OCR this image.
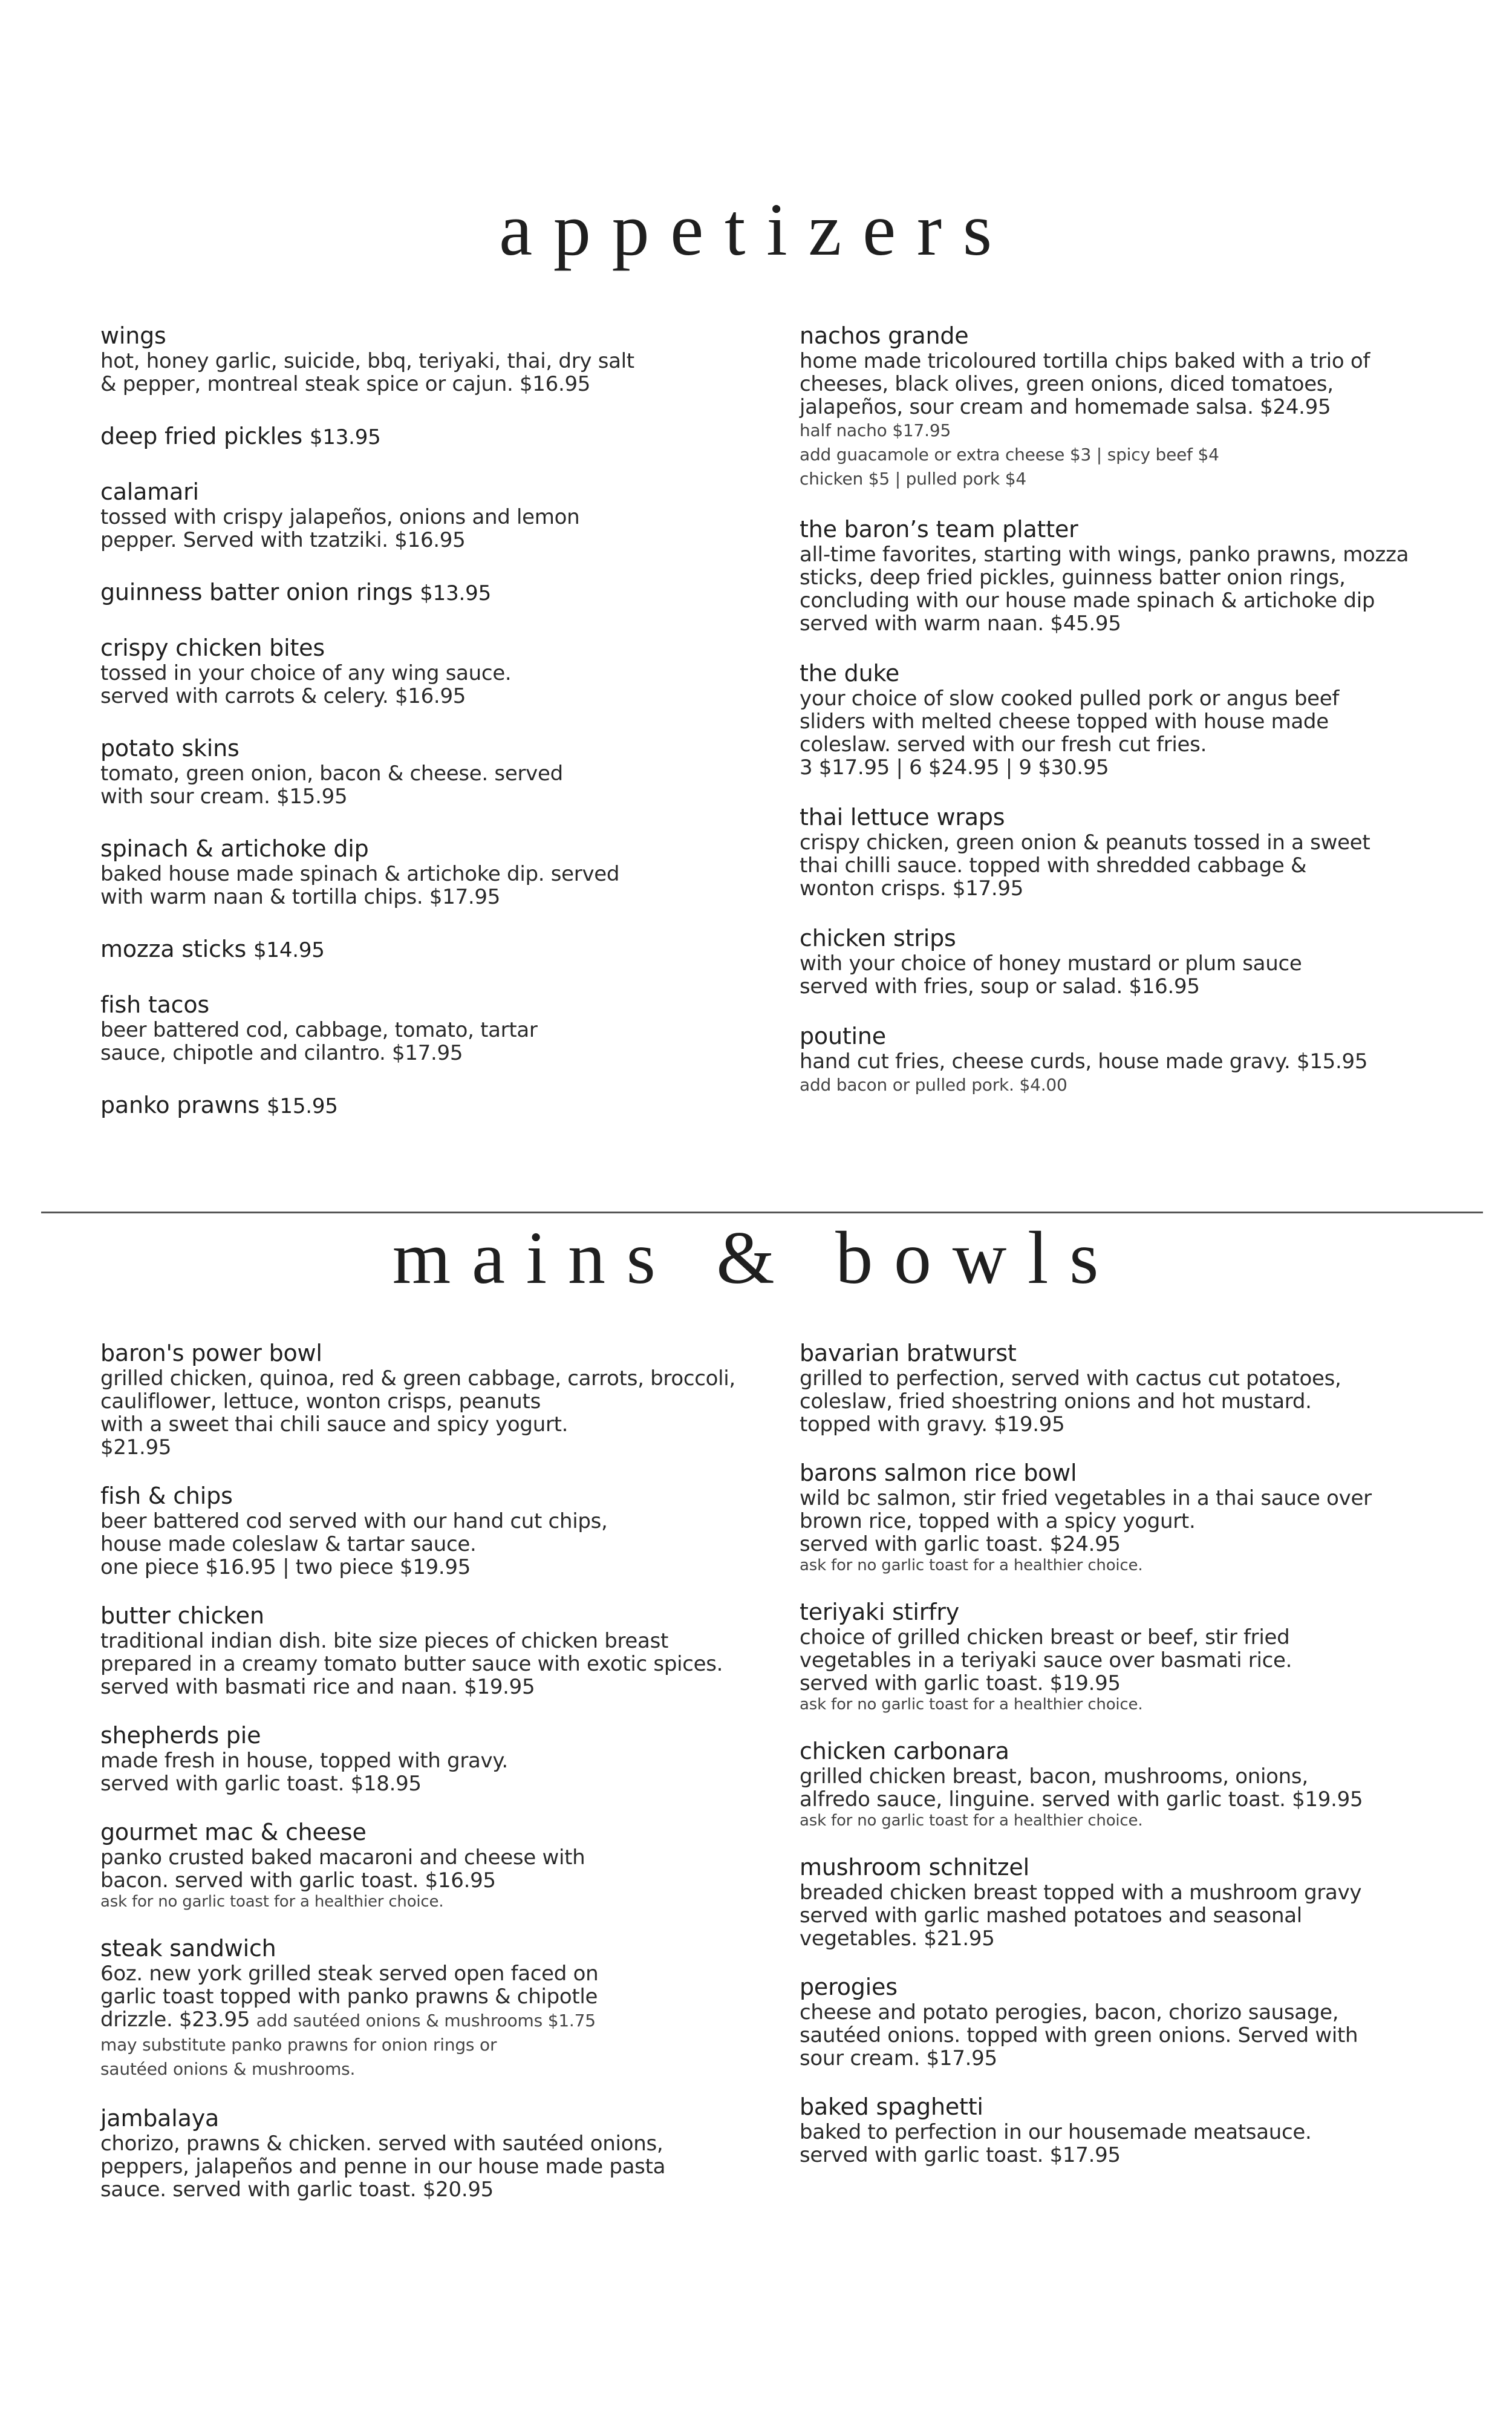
appetizers
wings
hot, honey garlic, suicide, bbq, teriyaki, thai, dry salt
& pepper, montreal steak spice or cajun. $16.95
deep fried pickles $13.95
calamari
tossed with crispy jalapeños, onions and lemon
pepper. Served with tzatziki. $16.95
guinness batter onion rings $13.95
crispy chicken bites
tossed in your choice of any wing sauce.
served with carrots & celery. $16.95
potato skins
tomato, green onion, bacon & cheese. served
with sour cream. $15.95
spinach & artichoke dip
baked house made spinach & artichoke dip. served
with warm naan & tortilla chips. $17.95
mozza sticks $14.95
fish tacos
beer battered cod, cabbage, tomato, tartar
sauce, chipotle and cilantro. $17.95
panko prawns $15.95
nachos grande
home made tricoloured tortilla chips baked with a trio of
cheeses, black olives, green onions, diced tomatoes,
jalapeños, sour cream and homemade salsa. $24.95
half nacho $17.95
add guacamole or extra cheese $3 | spicy beef $4
chicken $5 | pulled pork $4
the baron’s team platter
all-time favorites, starting with wings, panko prawns, mozza
sticks, deep fried pickles, guinness batter onion rings,
concluding with our house made spinach & artichoke dip
served with warm naan. $45.95
the duke
your choice of slow cooked pulled pork or angus beef
sliders with melted cheese topped with house made
coleslaw. served with our fresh cut fries.
3 $17.95 | 6 $24.95 | 9 $30.95
thai lettuce wraps
crispy chicken, green onion & peanuts tossed in a sweet
thai chilli sauce. topped with shredded cabbage &
wonton crisps. $17.95
chicken strips
with your choice of honey mustard or plum sauce
served with fries, soup or salad. $16.95
poutine
hand cut fries, cheese curds, house made gravy. $15.95
add bacon or pulled pork. $4.00
mains & bowls
baron's power bowl
grilled chicken, quinoa, red & green cabbage, carrots, broccoli,
cauliflower, lettuce, wonton crisps, peanuts
with a sweet thai chili sauce and spicy yogurt.
$21.95
fish & chips
beer battered cod served with our hand cut chips,
house made coleslaw & tartar sauce.
one piece $16.95 | two piece $19.95
butter chicken
traditional indian dish. bite size pieces of chicken breast
prepared in a creamy tomato butter sauce with exotic spices.
served with basmati rice and naan. $19.95
shepherds pie
made fresh in house, topped with gravy.
served with garlic toast. $18.95
gourmet mac & cheese
panko crusted baked macaroni and cheese with
bacon. served with garlic toast. $16.95
ask for no garlic toast for a healthier choice.
steak sandwich
6oz. new york grilled steak served open faced on
garlic toast topped with panko prawns & chipotle
drizzle. $23.95 add sautéed onions & mushrooms $1.75
may substitute panko prawns for onion rings or
sautéed onions & mushrooms.
jambalaya
chorizo, prawns & chicken. served with sautéed onions,
peppers, jalapeños and penne in our house made pasta
sauce. served with garlic toast. $20.95
bavarian bratwurst
grilled to perfection, served with cactus cut potatoes,
coleslaw, fried shoestring onions and hot mustard.
topped with gravy. $19.95
barons salmon rice bowl
wild bc salmon, stir fried vegetables in a thai sauce over
brown rice, topped with a spicy yogurt.
served with garlic toast. $24.95
ask for no garlic toast for a healthier choice.
teriyaki stirfry
choice of grilled chicken breast or beef, stir fried
vegetables in a teriyaki sauce over basmati rice.
served with garlic toast. $19.95
ask for no garlic toast for a healthier choice.
chicken carbonara
grilled chicken breast, bacon, mushrooms, onions,
alfredo sauce, linguine. served with garlic toast. $19.95
ask for no garlic toast for a healthier choice.
mushroom schnitzel
breaded chicken breast topped with a mushroom gravy
served with garlic mashed potatoes and seasonal
vegetables. $21.95
perogies
cheese and potato perogies, bacon, chorizo sausage,
sautéed onions. topped with green onions. Served with
sour cream. $17.95
baked spaghetti
baked to perfection in our housemade meatsauce.
served with garlic toast. $17.95
